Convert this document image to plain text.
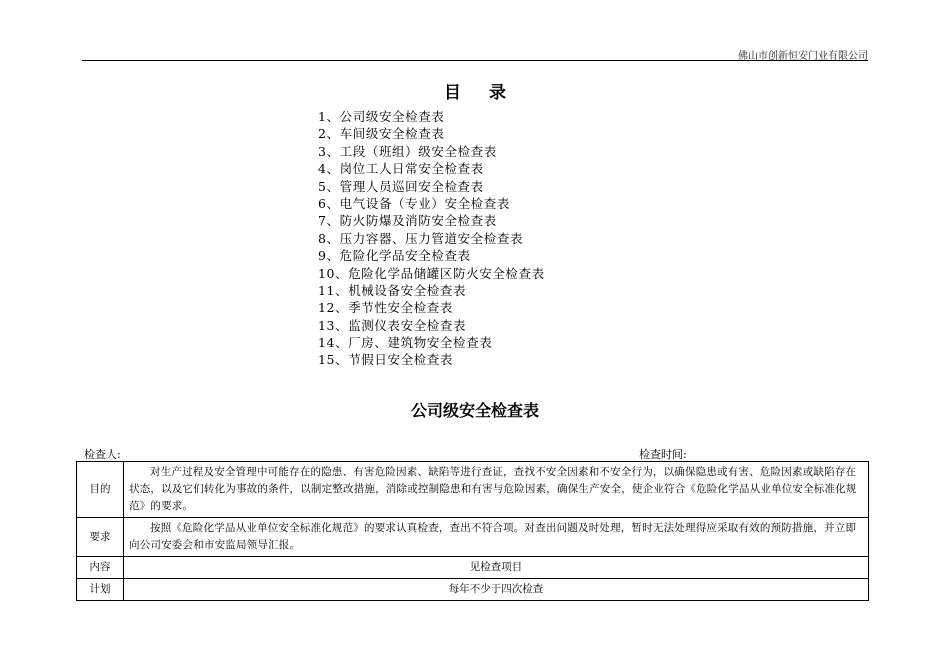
佛山市创新恒安门业有限公司
目录
1、公司级安全检查表
2、车间级安全检查表
3、工段（班组）级安全检查表
4、岗位工人日常安全检查表
5、管理人员巡回安全检查表
6、电气设备（专业）安全检查表
7、防火防爆及消防安全检查表
8、压力容器、压力管道安全检查表
9、危险化学品安全检查表
10、危险化学品储罐区防火安全检查表
11、机械设备安全检查表
12、季节性安全检查表
13、监测仪表安全检查表
14、厂房、建筑物安全检查表
15、节假日安全检查表
公司级安全检查表
检查人:	检查时间:
目的	对生产过程及安全管理中可能存在的隐患、有害危险因素、缺陷等进行查证，查找不安全因素和不安全行为，以确保隐患或有害、危险因素或缺陷存在状态，以及它们转化为事故的条件，以制定整改措施，消除或控制隐患和有害与危险因素，确保生产安全，使企业符合《危险化学品从业单位安全标准化规范》的要求。
要求	按照《危险化学品从业单位安全标准化规范》的要求认真检查，查出不符合项。对查出问题及时处理，暂时无法处理得应采取有效的预防措施，并立即向公司安委会和市安监局领导汇报。
内容	见检查项目
计划	每年不少于四次检查
